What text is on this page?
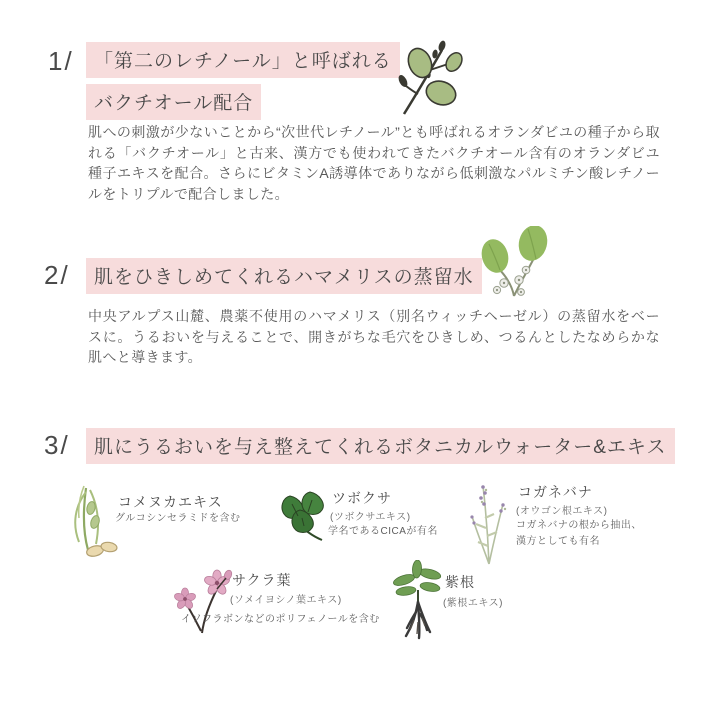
1/	「第二のレチノール」と呼ばれる
バクチオール配合
肌への刺激が少ないことから“次世代レチノール”とも呼ばれるオランダビユの種子から取れる「バクチオール」と古来、漢方でも使われてきたバクチオール含有のオランダビユ種子エキスを配合。さらにビタミンA誘導体でありながら低刺激なパルミチン酸レチノールをトリプルで配合しました。
2/	肌をひきしめてくれるハマメリスの蒸留水
中央アルプス山麓、農薬不使用のハマメリス（別名ウィッチヘーゼル）の蒸留水をベースに。うるおいを与えることで、開きがちな毛穴をひきしめ、つるんとしたなめらかな肌へと導きます。
3/	肌にうるおいを与え整えてくれるボタニカルウォーター&エキス
コメヌカエキス
グルコシンセラミドを含む
ツボクサ
(ツボクサエキス)
学名であるCICAが有名
コガネバナ
(オウゴン根エキス)
コガネバナの根から抽出、
漢方としても有名
サクラ葉
(ソメイヨシノ葉エキス)
イソフラボンなどのポリフェノールを含む
紫根
(紫根エキス)
